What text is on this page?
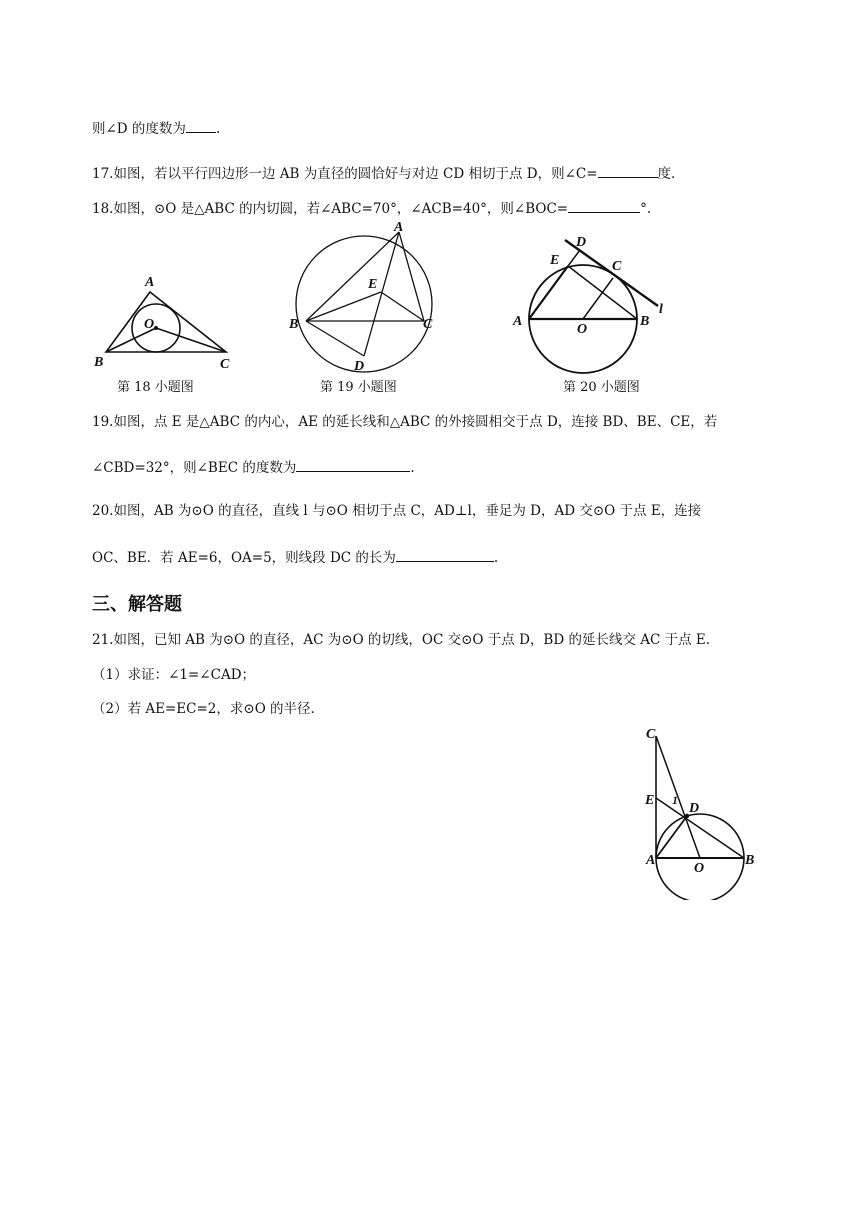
则∠D 的度数为 .
17.如图，若以平行四边形一边 AB 为直径的圆恰好与对边 CD 相切于点 D，则∠C=	度.
18.如图，⊙O 是△ABC 的内切圆，若∠ABC=70°，∠ACB=40°，则∠BOC=	°.
A
B	C
O
第 18 小题图
A
B	C
D
E
第 19 小题图
A	B
C
D
E
O
l
第 20 小题图
19.如图，点 E 是△ABC 的内心，AE 的延长线和△ABC 的外接圆相交于点 D，连接 BD、BE、CE，若
∠CBD=32°，则∠BEC 的度数为	.
20.如图，AB 为⊙O 的直径，直线 l 与⊙O 相切于点 C，AD⊥l，垂足为 D，AD 交⊙O 于点 E，连接
OC、BE．若 AE=6，OA=5，则线段 DC 的长为	.
三、解答题
21.如图，已知 AB 为⊙O 的直径，AC 为⊙O 的切线，OC 交⊙O 于点 D，BD 的延长线交 AC 于点 E.
（1）求证：∠1=∠CAD；
（2）若 AE=EC=2，求⊙O 的半径.
C
E 1
D
A
O
B
